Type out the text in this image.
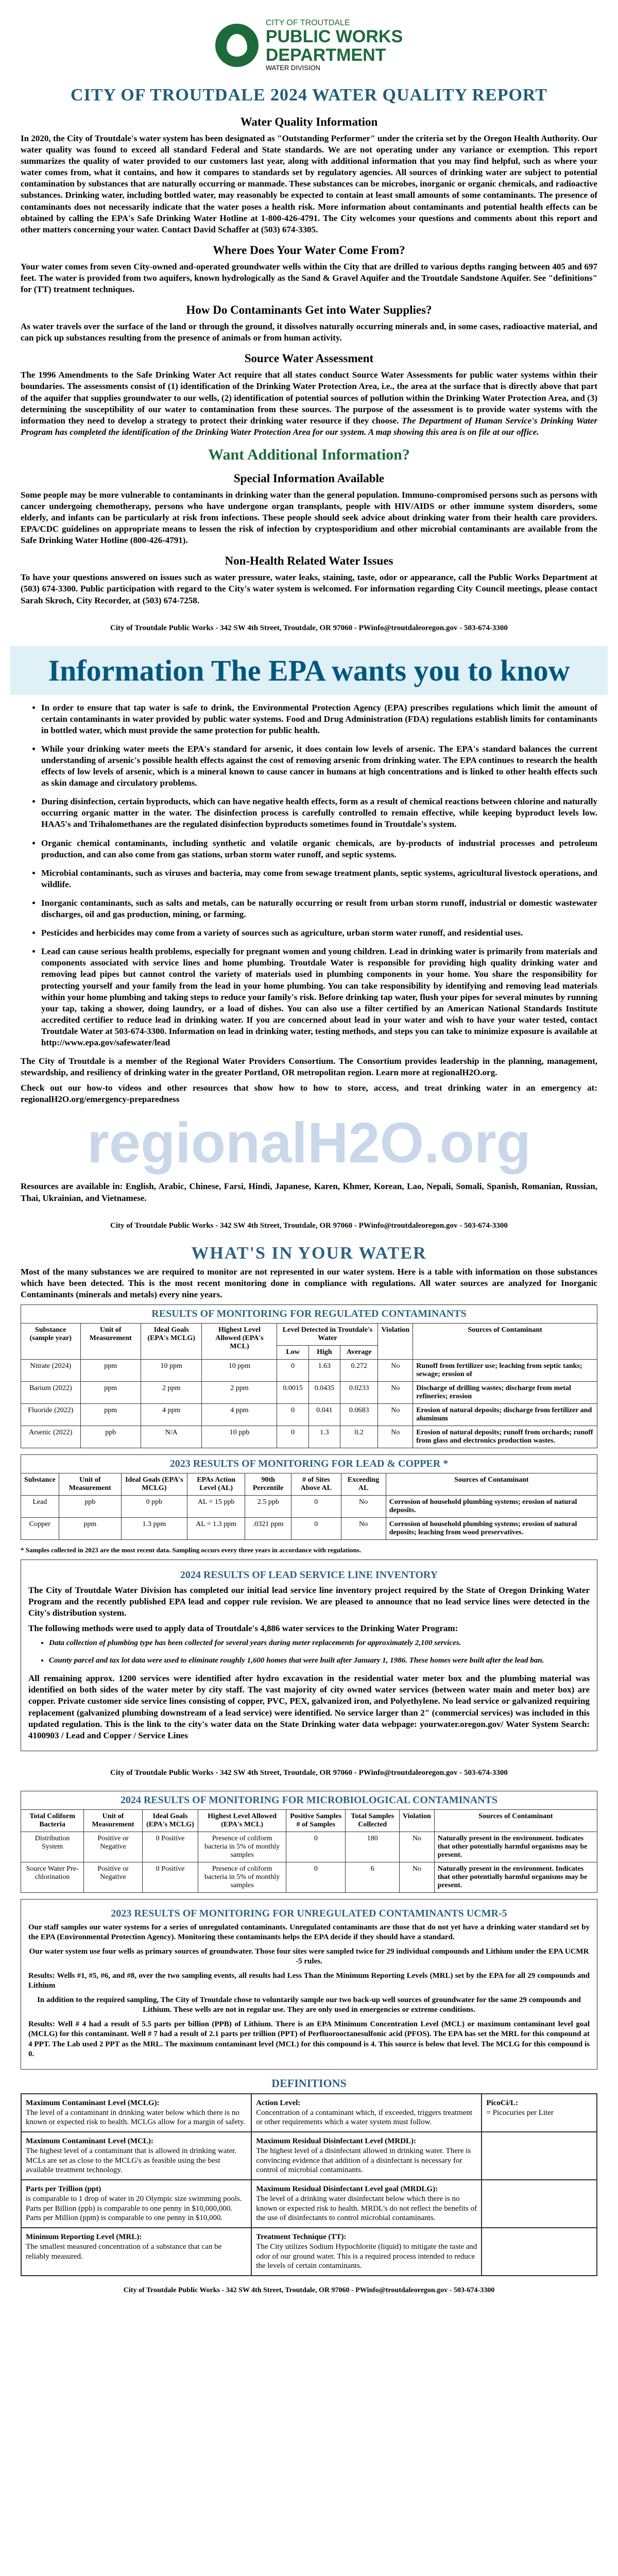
CITY OF TROUTDALE
PUBLIC WORKS
DEPARTMENT
WATER DIVISION
CITY OF TROUTDALE 2024 WATER QUALITY REPORT
Water Quality Information

In 2020, the City of Troutdale's water system has been designated as "Outstanding Performer" under the criteria set by the Oregon Health Authority. Our water quality was found to exceed all standard Federal and State standards. We are not operating under any variance or exemption. This report summarizes the quality of water provided to our customers last year, along with additional information that you may find helpful, such as where your water comes from, what it contains, and how it compares to standards set by regulatory agencies. All sources of drinking water are subject to potential contamination by substances that are naturally occurring or manmade. These substances can be microbes, inorganic or organic chemicals, and radioactive substances. Drinking water, including bottled water, may reasonably be expected to contain at least small amounts of some contaminants. The presence of contaminants does not necessarily indicate that the water poses a health risk. More information about contaminants and potential health effects can be obtained by calling the EPA's Safe Drinking Water Hotline at 1-800-426-4791. The City welcomes your questions and comments about this report and other matters concerning your water. Contact David Schaffer at (503) 674-3305.

Where Does Your Water Come From?

Your water comes from seven City-owned and-operated groundwater wells within the City that are drilled to various depths ranging between 405 and 697 feet. The water is provided from two aquifers, known hydrologically as the Sand & Gravel Aquifer and the Troutdale Sandstone Aquifer. See "definitions" for (TT) treatment techniques.

How Do Contaminants Get into Water Supplies?

As water travels over the surface of the land or through the ground, it dissolves naturally occurring minerals and, in some cases, radioactive material, and can pick up substances resulting from the presence of animals or from human activity.

Source Water Assessment

The 1996 Amendments to the Safe Drinking Water Act require that all states conduct Source Water Assessments for public water systems within their boundaries. The assessments consist of (1) identification of the Drinking Water Protection Area, i.e., the area at the surface that is directly above that part of the aquifer that supplies groundwater to our wells, (2) identification of potential sources of pollution within the Drinking Water Protection Area, and (3) determining the susceptibility of our water to contamination from these sources. The purpose of the assessment is to provide water systems with the information they need to develop a strategy to protect their drinking water resource if they choose. The Department of Human Service's Drinking Water Program has completed the identification of the Drinking Water Protection Area for our system. A map showing this area is on file at our office.

Want Additional Information?
Special Information Available

Some people may be more vulnerable to contaminants in drinking water than the general population. Immuno-compromised persons such as persons with cancer undergoing chemotherapy, persons who have undergone organ transplants, people with HIV/AIDS or other immune system disorders, some elderly, and infants can be particularly at risk from infections. These people should seek advice about drinking water from their health care providers. EPA/CDC guidelines on appropriate means to lessen the risk of infection by cryptosporidium and other microbial contaminants are available from the Safe Drinking Water Hotline (800-426-4791).

Non-Health Related Water Issues

To have your questions answered on issues such as water pressure, water leaks, staining, taste, odor or appearance, call the Public Works Department at (503) 674-3300. Public participation with regard to the City's water system is welcomed. For information regarding City Council meetings, please contact Sarah Skroch, City Recorder, at (503) 674-7258.

City of Troutdale Public Works - 342 SW 4th Street, Troutdale, OR 97060 - PWinfo@troutdaleoregon.gov - 503-674-3300
Information The EPA wants you to know
• In order to ensure that tap water is safe to drink, the Environmental Protection Agency (EPA) prescribes regulations which limit the amount of certain contaminants in water provided by public water systems. Food and Drug Administration (FDA) regulations establish limits for contaminants in bottled water, which must provide the same protection for public health.
• While your drinking water meets the EPA's standard for arsenic, it does contain low levels of arsenic. The EPA's standard balances the current understanding of arsenic's possible health effects against the cost of removing arsenic from drinking water. The EPA continues to research the health effects of low levels of arsenic, which is a mineral known to cause cancer in humans at high concentrations and is linked to other health effects such as skin damage and circulatory problems.
• During disinfection, certain byproducts, which can have negative health effects, form as a result of chemical reactions between chlorine and naturally occurring organic matter in the water. The disinfection process is carefully controlled to remain effective, while keeping byproduct levels low. HAA5's and Trihalomethanes are the regulated disinfection byproducts sometimes found in Troutdale's system.
• Organic chemical contaminants, including synthetic and volatile organic chemicals, are by-products of industrial processes and petroleum production, and can also come from gas stations, urban storm water runoff, and septic systems.
• Microbial contaminants, such as viruses and bacteria, may come from sewage treatment plants, septic systems, agricultural livestock operations, and wildlife.
• Inorganic contaminants, such as salts and metals, can be naturally occurring or result from urban storm runoff, industrial or domestic wastewater discharges, oil and gas production, mining, or farming.
• Pesticides and herbicides may come from a variety of sources such as agriculture, urban storm water runoff, and residential uses.
• Lead can cause serious health problems, especially for pregnant women and young children. Lead in drinking water is primarily from materials and components associated with service lines and home plumbing. Troutdale Water is responsible for providing high quality drinking water and removing lead pipes but cannot control the variety of materials used in plumbing components in your home. You share the responsibility for protecting yourself and your family from the lead in your home plumbing. You can take responsibility by identifying and removing lead materials within your home plumbing and taking steps to reduce your family's risk. Before drinking tap water, flush your pipes for several minutes by running your tap, taking a shower, doing laundry, or a load of dishes. You can also use a filter certified by an American National Standards Institute accredited certifier to reduce lead in drinking water. If you are concerned about lead in your water and wish to have your water tested, contact Troutdale Water at 503-674-3300. Information on lead in drinking water, testing methods, and steps you can take to minimize exposure is available at http://www.epa.gov/safewater/lead

The City of Troutdale is a member of the Regional Water Providers Consortium. The Consortium provides leadership in the planning, management, stewardship, and resiliency of drinking water in the greater Portland, OR metropolitan region. Learn more at regionalH2O.org.

Check out our how-to videos and other resources that show how to how to store, access, and treat drinking water in an emergency at: regionalH2O.org/emergency-preparedness

regionalH2O.org

Resources are available in: English, Arabic, Chinese, Farsi, Hindi, Japanese, Karen, Khmer, Korean, Lao, Nepali, Somali, Spanish, Romanian, Russian, Thai, Ukrainian, and Vietnamese.

City of Troutdale Public Works - 342 SW 4th Street, Troutdale, OR 97060 - PWinfo@troutdaleoregon.gov - 503-674-3300
WHAT'S IN YOUR WATER

Most of the many substances we are required to monitor are not represented in our water system. Here is a table with information on those substances which have been detected. This is the most recent monitoring done in compliance with regulations. All water sources are analyzed for Inorganic Contaminants (minerals and metals) every nine years.

RESULTS OF MONITORING FOR REGULATED CONTAMINANTS								
Substance (sample year)	Unit of Measurement	Ideal Goals (EPA's MCLG)	Highest Level Allowed (EPA's MCL)	Level Detected in Troutdale's Water			Violation	Sources of Contaminant
				Low	High	Average		
Nitrate (2024)	ppm	10 ppm	10 ppm	0	1.63	0.272	No	Runoff from fertilizer use; leaching from septic tanks; sewage; erosion of
Barium (2022)	ppm	2 ppm	2 ppm	0.0015	0.0435	0.0233	No	Discharge of drilling wastes; discharge from metal refineries; erosion
Fluoride (2022)	ppm	4 ppm	4 ppm	0	0.041	0.0683	No	Erosion of natural deposits; discharge from fertilizer and aluminum
Arsenic (2022)	ppb	N/A	10 ppb	0	1.3	0.2	No	Erosion of natural deposits; runoff from orchards; runoff from glass and electronics production wastes.
2023 RESULTS OF MONITORING FOR LEAD & COPPER *							
Substance	Unit of Measurement	Ideal Goals (EPA's MCLG)	EPAs Action Level (AL)	90th Percentile	# of Sites Above AL	Exceeding AL	Sources of Contaminant
Lead	ppb	0 ppb	AL = 15 ppb	2.5 ppb	0	No	Corrosion of household plumbing systems; erosion of natural deposits.
Copper	ppm	1.3 ppm	AL = 1.3 ppm	.0321 ppm	0	No	Corrosion of household plumbing systems; erosion of natural deposits; leaching from wood preservatives.
* Samples collected in 2023 are the most recent data. Sampling occurs every three years in accordance with regulations.
2024 RESULTS OF LEAD SERVICE LINE INVENTORY

The City of Troutdale Water Division has completed our initial lead service line inventory project required by the State of Oregon Drinking Water Program and the recently published EPA lead and copper rule revision. We are pleased to announce that no lead service lines were detected in the City's distribution system.

The following methods were used to apply data of Troutdale's 4,886 water services to the Drinking Water Program:

• Data collection of plumbing type has been collected for several years during meter replacements for approximately 2,100 services.
• County parcel and tax lot data were used to eliminate roughly 1,600 homes that were built after January 1, 1986. These homes were built after the lead ban.

All remaining approx. 1200 services were identified after hydro excavation in the residential water meter box and the plumbing material was identified on both sides of the water meter by city staff. The vast majority of city owned water services (between water main and meter box) are copper. Private customer side service lines consisting of copper, PVC, PEX, galvanized iron, and Polyethylene. No lead service or galvanized requiring replacement (galvanized plumbing downstream of a lead service) were identified. No service larger than 2" (commercial services) was included in this updated regulation. This is the link to the city's water data on the State Drinking water data webpage: yourwater.oregon.gov/ Water System Search: 4100903 / Lead and Copper / Service Lines

City of Troutdale Public Works - 342 SW 4th Street, Troutdale, OR 97060 - PWinfo@troutdaleoregon.gov - 503-674-3300
2024 RESULTS OF MONITORING FOR MICROBIOLOGICAL CONTAMINANTS							
Total Coliform Bacteria	Unit of Measurement	Ideal Goals (EPA's MCLG)	Highest Level Allowed (EPA's MCL)	Positive Samples # of Samples	Total Samples Collected	Violation	Sources of Contaminant
Distribution System	Positive or Negative	0 Positive	Presence of coliform bacteria in 5% of monthly samples	0	180	No	Naturally present in the environment. Indicates that other potentially harmful organisms may be present.
Source Water Pre-chlorination	Positive or Negative	0 Positive	Presence of coliform bacteria in 5% of monthly samples	0	6	No	Naturally present in the environment. Indicates that other potentially harmful organisms may be present.
2023 RESULTS OF MONITORING FOR UNREGULATED CONTAMINANTS UCMR-5

Our staff samples our water systems for a series of unregulated contaminants. Unregulated contaminants are those that do not yet have a drinking water standard set by the EPA (Environmental Protection Agency). Monitoring these contaminants helps the EPA decide if they should have a standard.

Our water system use four wells as primary sources of groundwater. Those four sites were sampled twice for 29 individual compounds and Lithium under the EPA UCMR -5 rules.

Results: Wells #1, #5, #6, and #8, over the two sampling events, all results had Less Than the Minimum Reporting Levels (MRL) set by the EPA for all 29 compounds and Lithium

In addition to the required sampling, The City of Troutdale chose to voluntarily sample our two back-up well sources of groundwater for the same 29 compounds and Lithium. These wells are not in regular use. They are only used in emergencies or extreme conditions.

Results: Well # 4 had a result of 5.5 parts per billion (PPB) of Lithium. There is an EPA Minimum Concentration Level (MCL) or maximum contaminant level goal (MCLG) for this contaminant. Well # 7 had a result of 2.1 parts per trillion (PPT) of Perfluorooctanesulfonic acid (PFOS). The EPA has set the MRL for this compound at 4 PPT. The Lab used 2 PPT as the MRL. The maximum contaminant level (MCL) for this compound is 4. This source is below that level. The MCLG for this compound is 0.

DEFINITIONS
Maximum Contaminant Level (MCLG):
The level of a contaminant in drinking water below which there is no known or expected risk to health. MCLGs allow for a margin of safety.
Action Level:
Concentration of a contaminant which, if exceeded, triggers treatment or other requirements which a water system must follow.
PicoCi/L:
= Picocuries per Liter
Maximum Contaminant Level (MCL):
The highest level of a contaminant that is allowed in drinking water. MCLs are set as close to the MCLG's as feasible using the best available treatment technology.
Maximum Residual Disinfectant Level (MRDL):
The highest level of a disinfectant allowed in drinking water. There is convincing evidence that addition of a disinfectant is necessary for control of microbial contaminants.
Parts per Trillion (ppt)
is comparable to 1 drop of water in 20 Olympic size swimming pools. Parts per Billion (ppb) is comparable to one penny in $10,000,000. Parts per Million (ppm) is comparable to one penny in $10,000.
Maximum Residual Disinfectant Level goal (MRDLG):
The level of a drinking water disinfectant below which there is no known or expected risk to health. MRDL's do not reflect the benefits of the use of disinfectants to control microbial contaminants.
Minimum Reporting Level (MRL):
The smallest measured concentration of a substance that can be reliably measured.
Treatment Technique (TT):
The City utilizes Sodium Hypochlorite (liquid) to mitigate the taste and odor of our ground water. This is a required process intended to reduce the levels of certain contaminants.
City of Troutdale Public Works - 342 SW 4th Street, Troutdale, OR 97060 - PWinfo@troutdaleoregon.gov - 503-674-3300
